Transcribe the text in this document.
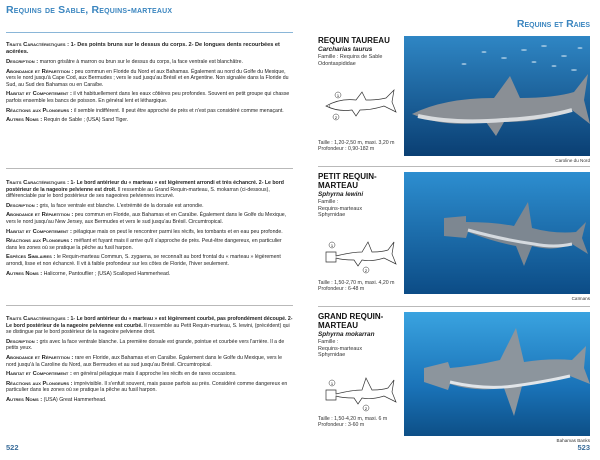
Requins de Sable, Requins-marteaux

Traits Caractéristiques : 1- Des points bruns sur le dessus du corps. 2- De longues dents recourbées et acérées.

Description : marron grisâtre à marron ou brun sur le dessus du corps, la face ventrale est blanchâtre.

Abondance et Répartition : peu commun en Floride du Nord et aux Bahamas. Également au nord du Golfe du Mexique, vers le nord jusqu'à Cape Cod, aux Bermudes ; vers le sud jusqu'au Brésil et en Argentine. Non signalée dans la Floride du Sud, au Sud des Bahamas ou en Caraïbe.

Habitat et Comportement : il vit habituellement dans les eaux côtières peu profondes. Souvent en petit groupe qui chasse parfois ensemble les bancs de poisson. En général lent et léthargique.

Réactions aux Plongeurs : il semble indifférent. Il peut être approché de près et n'est pas considéré comme menaçant.

Autres Noms : Requin de Sable ; (USA) Sand Tiger.

Traits Caractéristiques : 1- Le bord antérieur du « marteau » est légèrement arrondi et très échancré. 2- Le bord postérieur de la nageoire pelvienne est droit. Il ressemble au Grand Requin-marteau, S. mokarran (ci-dessous), différenciable par le bord postérieur de ses nageoires pelviennes incurvé.

Description : gris, la face ventrale est blanche. L'extrémité de la dorsale est arrondie.

Abondance et Répartition : peu commun en Floride, aux Bahamas et en Caraïbe. Également dans le Golfe du Mexique, vers le nord jusqu'au New Jersey, aux Bermudes et vers le sud jusqu'au Brésil. Circumtropical.

Habitat et Comportement : pélagique mais on peut le rencontrer parmi les récifs, les tombants et en eau peu profonde.

Réactions aux Plongeurs : méfiant et fuyant mais il arrive qu'il s'approche de près. Peut-être dangereux, en particulier dans les zones où se pratique la pêche au fusil harpon.

Espèces Similaires : le Requin-marteau Commun, S. zygaena, se reconnaît au bord frontal du « marteau » légèrement arrondi, lisse et non échancré. Il vit à faible profondeur sur les côtes de Floride, l'hiver seulement.

Autres Noms : Halicorne, Pantouflier ; (USA) Scalloped Hammerhead.

Traits Caractéristiques : 1- Le bord antérieur du « marteau » est légèrement courbé, pas profondément découpé. 2- Le bord postérieur de la nageoire pelvienne est courbé. Il ressemble au Petit Requin-marteau, S. lewini, (précédent) qui se distingue par le bord postérieur de la nageoire pelvienne droit.

Description : gris avec la face ventrale blanche. La première dorsale est grande, pointue et courbée vers l'arrière. Il a de petits yeux.

Abondance et Répartition : rare en Floride, aux Bahamas et en Caraïbe. Également dans le Golfe du Mexique, vers le nord jusqu'à la Caroline du Nord, aux Bermudes et au sud jusqu'au Brésil. Circumtropical.

Habitat et Comportement : en général pélagique mais il approche les récifs en de rares occasions.

Réactions aux Plongeurs : imprévisible. Il s'enfuit souvent, mais passe parfois au près. Considéré comme dangereux en particulier dans les zones où se pratique la pêche au fusil harpon.

Autres Noms : (USA) Great Hammerhead.

522
Requins et Raies
REQUIN TAUREAU
Carcharias taurus
Famille : Requins de Sable
Odontaspididae
1
2
Taille : 1,20-2,50 m, maxi. 3,20 m
Profondeur : 0,90-182 m
Caroline du Nord
PETIT REQUIN-MARTEAU
Sphyrna lewini
Famille :
Requins-marteaux
Sphyrnidae
1
2
Taille : 1,50-2,70 m, maxi. 4,20 m
Profondeur : 6-48 m
Caïmans
GRAND REQUIN-MARTEAU
Sphyrna mokarran
Famille :
Requins-marteaux
Sphyrnidae
1
2
Taille : 1,50-4,20 m, maxi. 6 m
Profondeur : 3-60 m
Bahamas Banks
523
